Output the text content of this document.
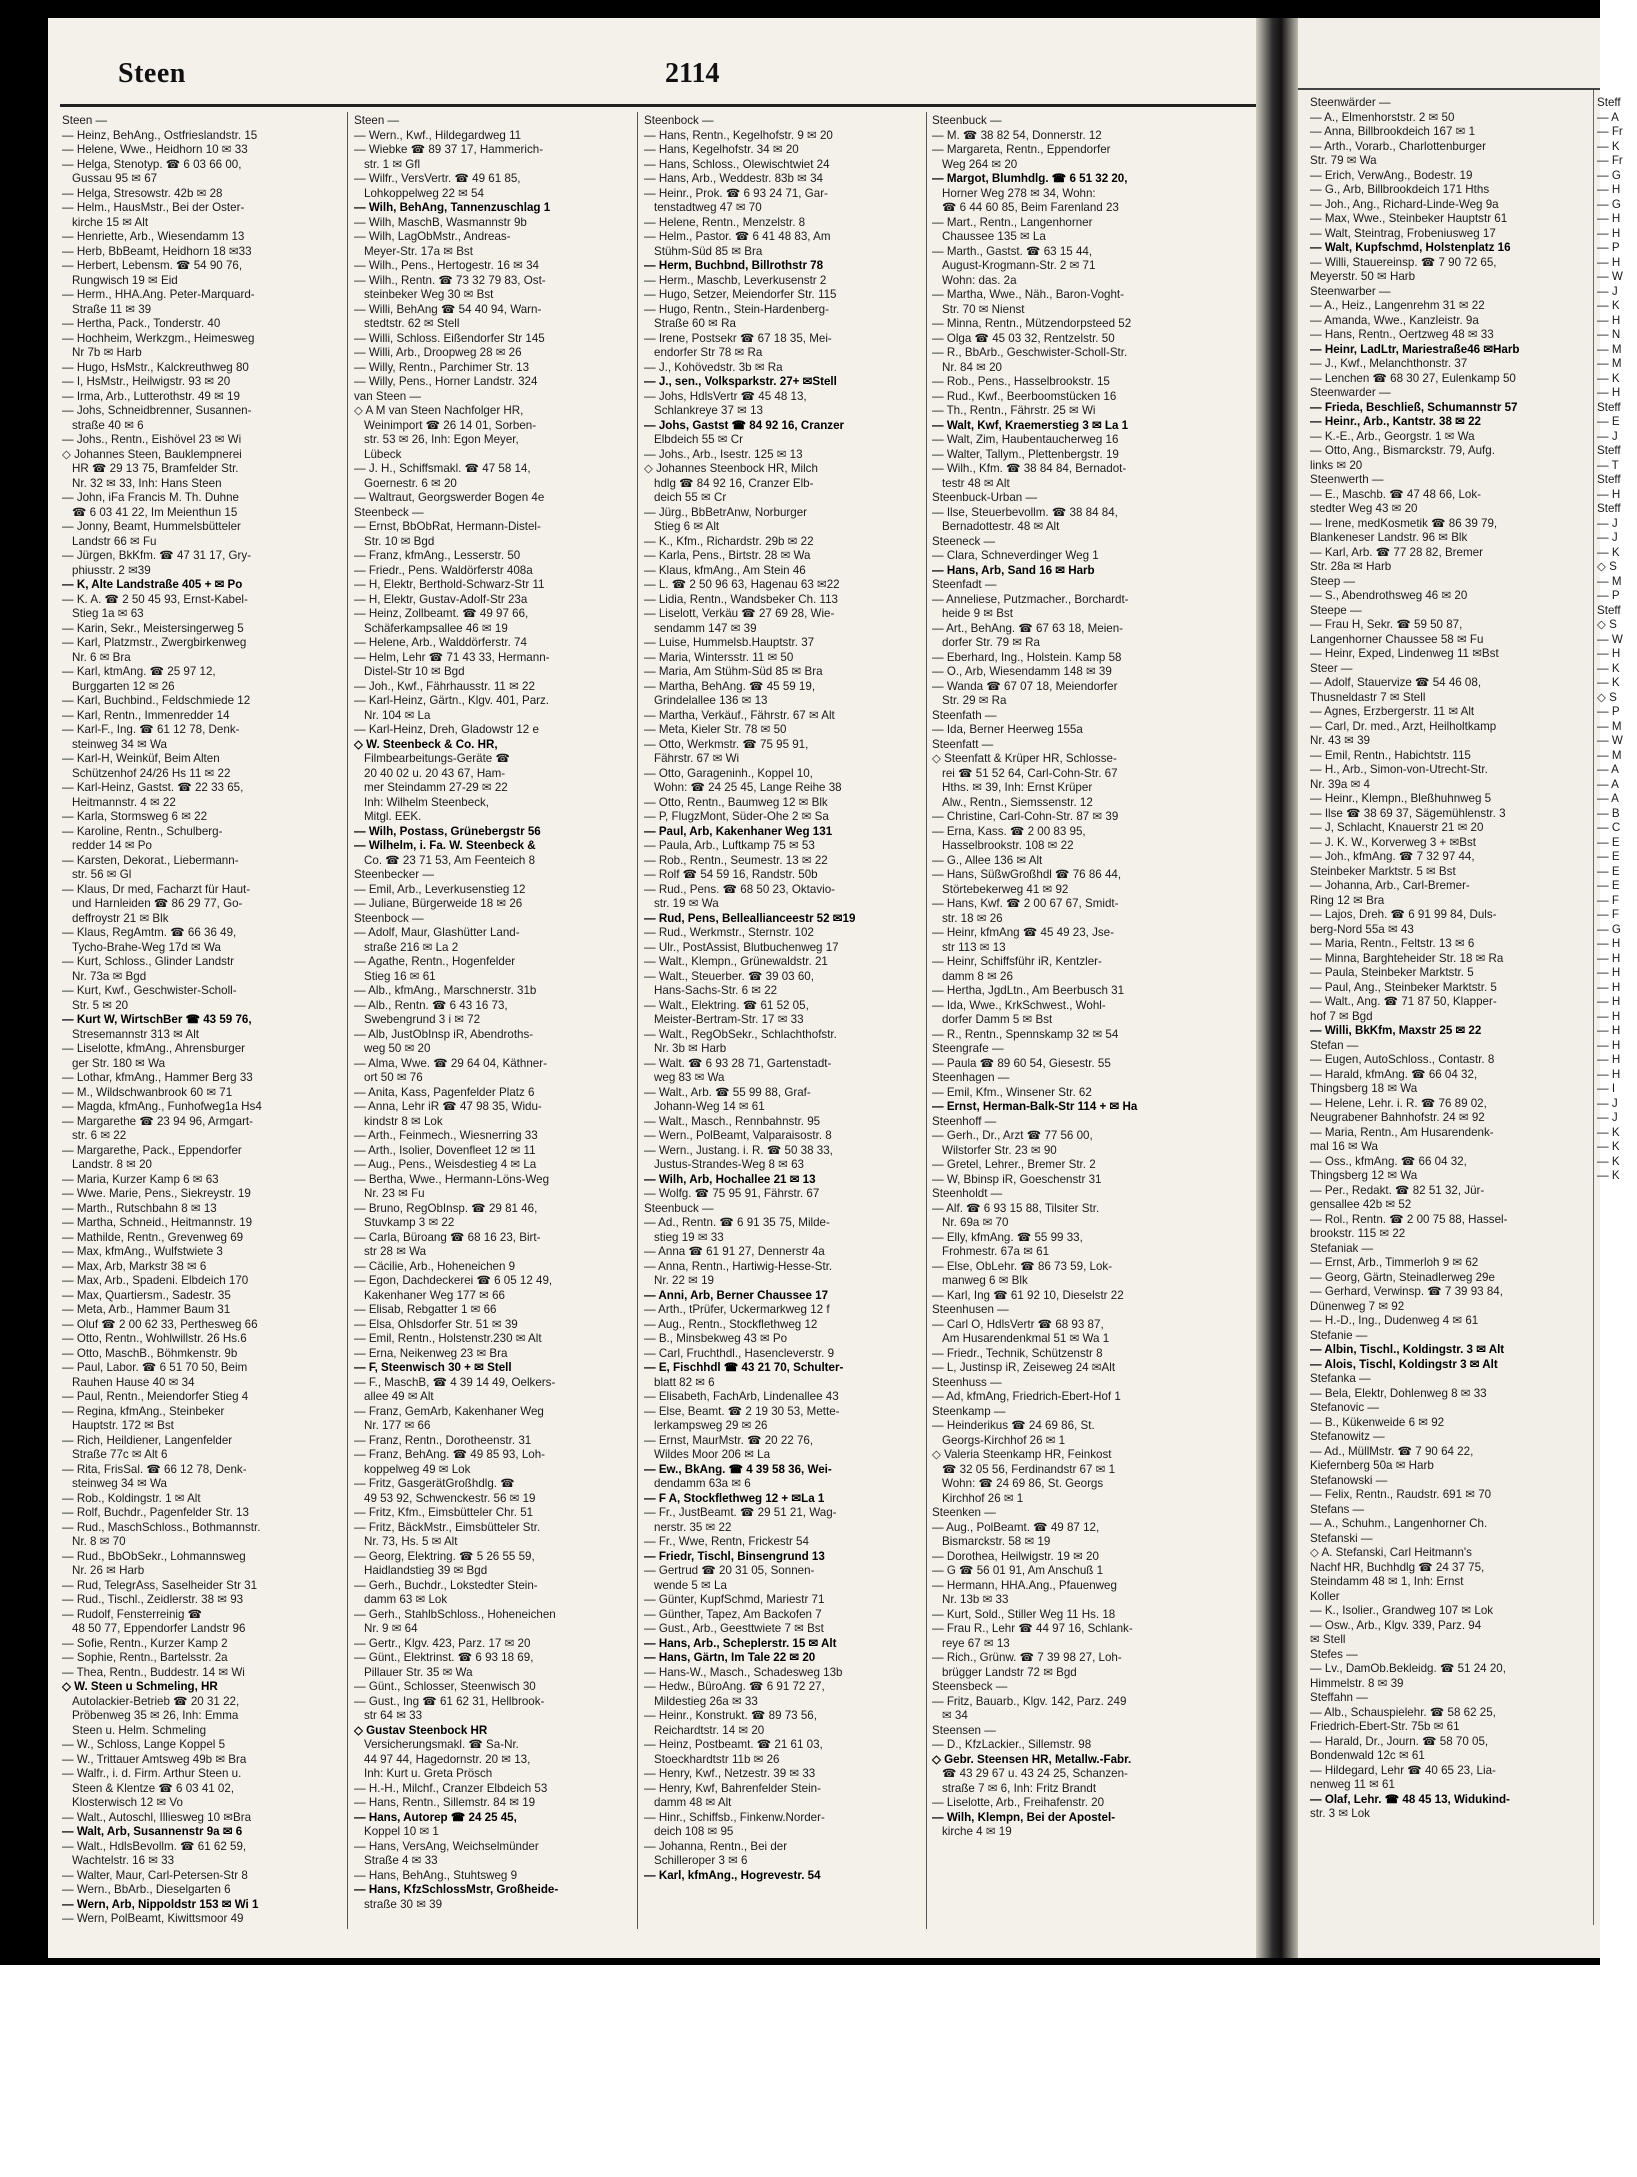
Steen	2114
Steen —
— Heinz, BehAng., Ostfrieslandstr. 15
— Helene, Wwe., Heidhorn 10 ✉ 33
— Helga, Stenotyp. ☎ 6 03 66 00,
Gussau 95 ✉ 67
— Helga, Stresowstr. 42b ✉ 28
— Helm., HausMstr., Bei der Oster-
kirche 15 ✉ Alt
— Henriette, Arb., Wiesendamm 13
— Herb, BbBeamt, Heidhorn 18 ✉33
— Herbert, Lebensm. ☎ 54 90 76,
Rungwisch 19 ✉ Eid
— Herm., HHA.Ang. Peter-Marquard-
Straße 11 ✉ 39
— Hertha, Pack., Tonderstr. 40
— Hochheim, Werkzgm., Heimesweg
Nr 7b ✉ Harb
— Hugo, HsMstr., Kalckreuthweg 80
— I, HsMstr., Heilwigstr. 93 ✉ 20
— Irma, Arb., Lutterothstr. 49 ✉ 19
— Johs, Schneidbrenner, Susannen-
straße 40 ✉ 6
— Johs., Rentn., Eishövel 23 ✉ Wi
◇ Johannes Steen, Bauklempnerei
HR ☎ 29 13 75, Bramfelder Str.
Nr. 32 ✉ 33, Inh: Hans Steen
— John, iFa Francis M. Th. Duhne
☎ 6 03 41 22, Im Meienthun 15
— Jonny, Beamt, Hummelsbütteler
Landstr 66 ✉ Fu
— Jürgen, BkKfm. ☎ 47 31 17, Gry-
phiusstr. 2 ✉39
— K, Alte Landstraße 405 + ✉ Po
— K. A. ☎ 2 50 45 93, Ernst-Kabel-
Stieg 1a ✉ 63
— Karin, Sekr., Meistersingerweg 5
— Karl, Platzmstr., Zwergbirkenweg
Nr. 6 ✉ Bra
— Karl, ktmAng. ☎ 25 97 12,
Burggarten 12 ✉ 26
— Karl, Buchbind., Feldschmiede 12
— Karl, Rentn., Immenredder 14
— Karl-F., Ing. ☎ 61 12 78, Denk-
steinweg 34 ✉ Wa
— Karl-H, Weinküf, Beim Alten
Schützenhof 24/26 Hs 11 ✉ 22
— Karl-Heinz, Gastst. ☎ 22 33 65,
Heitmannstr. 4 ✉ 22
— Karla, Stormsweg 6 ✉ 22
— Karoline, Rentn., Schulberg-
redder 14 ✉ Po
— Karsten, Dekorat., Liebermann-
str. 56 ✉ Gl
— Klaus, Dr med, Facharzt für Haut-
und Harnleiden ☎ 86 29 77, Go-
deffroystr 21 ✉ Blk
— Klaus, RegAmtm. ☎ 66 36 49,
Tycho-Brahe-Weg 17d ✉ Wa
— Kurt, Schloss., Glinder Landstr
Nr. 73a ✉ Bgd
— Kurt, Kwf., Geschwister-Scholl-
Str. 5 ✉ 20
— Kurt W, WirtschBer ☎ 43 59 76,
Stresemannstr 313 ✉ Alt
— Liselotte, kfmAng., Ahrensburger
ger Str. 180 ✉ Wa
— Lothar, kfmAng., Hammer Berg 33
— M., Wildschwanbrook 60 ✉ 71
— Magda, kfmAng., Funhofweg1a Hs4
— Margarethe ☎ 23 94 96, Armgart-
str. 6 ✉ 22
— Margarethe, Pack., Eppendorfer
Landstr. 8 ✉ 20
— Maria, Kurzer Kamp 6 ✉ 63
— Wwe. Marie, Pens., Siekreystr. 19
— Marth., Rutschbahn 8 ✉ 13
— Martha, Schneid., Heitmannstr. 19
— Mathilde, Rentn., Grevenweg 69
— Max, kfmAng., Wulfstwiete 3
— Max, Arb, Markstr 38 ✉ 6
— Max, Arb., Spadeni. Elbdeich 170
— Max, Quartiersm., Sadestr. 35
— Meta, Arb., Hammer Baum 31
— Oluf ☎ 2 00 62 33, Perthesweg 66
— Otto, Rentn., Wohlwillstr. 26 Hs.6
— Otto, MaschB., Böhmkenstr. 9b
— Paul, Labor. ☎ 6 51 70 50, Beim
Rauhen Hause 40 ✉ 34
— Paul, Rentn., Meiendorfer Stieg 4
— Regina, kfmAng., Steinbeker
Hauptstr. 172 ✉ Bst
— Rich, Heildiener, Langenfelder
Straße 77c ✉ Alt 6
— Rita, FrisSal. ☎ 66 12 78, Denk-
steinweg 34 ✉ Wa
— Rob., Koldingstr. 1 ✉ Alt
— Rolf, Buchdr., Pagenfelder Str. 13
— Rud., MaschSchloss., Bothmannstr.
Nr. 8 ✉ 70
— Rud., BbObSekr., Lohmannsweg
Nr. 26 ✉ Harb
— Rud, TelegrAss, Saselheider Str 31
— Rud., Tischl., Zeidlerstr. 38 ✉ 93
— Rudolf, Fensterreinig ☎
48 50 77, Eppendorfer Landstr 96
— Sofie, Rentn., Kurzer Kamp 2
— Sophie, Rentn., Bartelsstr. 2a
— Thea, Rentn., Buddestr. 14 ✉ Wi
◇ W. Steen u Schmeling, HR
Autolackier-Betrieb ☎ 20 31 22,
Pröbenweg 35 ✉ 26, Inh: Emma
Steen u. Helm. Schmeling
— W., Schloss, Lange Koppel 5
— W., Trittauer Amtsweg 49b ✉ Bra
— Walfr., i. d. Firm. Arthur Steen u.
Steen & Klentze ☎ 6 03 41 02,
Klosterwisch 12 ✉ Vo
— Walt., Autoschl, Illiesweg 10 ✉Bra
— Walt, Arb, Susannenstr 9a ✉ 6
— Walt., HdlsBevollm. ☎ 61 62 59,
Wachtelstr. 16 ✉ 33
— Walter, Maur, Carl-Petersen-Str 8
— Wern., BbArb., Dieselgarten 6
— Wern, Arb, Nippoldstr 153 ✉ Wi 1
— Wern, PolBeamt, Kiwittsmoor 49
Steen —
— Wern., Kwf., Hildegardweg 11
— Wiebke ☎ 89 37 17, Hammerich-
str. 1 ✉ Gfl
— Wilfr., VersVertr. ☎ 49 61 85,
Lohkoppelweg 22 ✉ 54
— Wilh, BehAng, Tannenzuschlag 1
— Wilh, MaschB, Wasmannstr 9b
— Wilh, LagObMstr., Andreas-
Meyer-Str. 17a ✉ Bst
— Wilh., Pens., Hertogestr. 16 ✉ 34
— Wilh., Rentn. ☎ 73 32 79 83, Ost-
steinbeker Weg 30 ✉ Bst
— Willi, BehAng ☎ 54 40 94, Warn-
stedtstr. 62 ✉ Stell
— Willi, Schloss. Eißendorfer Str 145
— Willi, Arb., Droopweg 28 ✉ 26
— Willy, Rentn., Parchimer Str. 13
— Willy, Pens., Horner Landstr. 324
van Steen —
◇ A M van Steen Nachfolger HR,
Weinimport ☎ 26 14 01, Sorben-
str. 53 ✉ 26, Inh: Egon Meyer,
Lübeck
— J. H., Schiffsmakl. ☎ 47 58 14,
Goernestr. 6 ✉ 20
— Waltraut, Georgswerder Bogen 4e
Steenbeck —
— Ernst, BbObRat, Hermann-Distel-
Str. 10 ✉ Bgd
— Franz, kfmAng., Lesserstr. 50
— Friedr., Pens. Waldörferstr 408a
— H, Elektr, Berthold-Schwarz-Str 11
— H, Elektr, Gustav-Adolf-Str 23a
— Heinz, Zollbeamt. ☎ 49 97 66,
Schäferkampsallee 46 ✉ 19
— Helene, Arb., Walddörferstr. 74
— Helm, Lehr ☎ 71 43 33, Hermann-
Distel-Str 10 ✉ Bgd
— Joh., Kwf., Fährhausstr. 11 ✉ 22
— Karl-Heinz, Gärtn., Klgv. 401, Parz.
Nr. 104 ✉ La
— Karl-Heinz, Dreh, Gladowstr 12 e
◇ W. Steenbeck & Co. HR,
Filmbearbeitungs-Geräte ☎
20 40 02 u. 20 43 67, Ham-
mer Steindamm 27-29 ✉ 22
Inh: Wilhelm Steenbeck,
Mitgl. EEK.
— Wilh, Postass, Grünebergstr 56
— Wilhelm, i. Fa. W. Steenbeck &
Co. ☎ 23 71 53, Am Feenteich 8
Steenbecker —
— Emil, Arb., Leverkusenstieg 12
— Juliane, Bürgerweide 18 ✉ 26
Steenbock —
— Adolf, Maur, Glashütter Land-
straße 216 ✉ La 2
— Agathe, Rentn., Hogenfelder
Stieg 16 ✉ 61
— Alb., kfmAng., Marschnerstr. 31b
— Alb., Rentn. ☎ 6 43 16 73,
Swebengrund 3 i ✉ 72
— Alb, JustObInsp iR, Abendroths-
weg 50 ✉ 20
— Alma, Wwe. ☎ 29 64 04, Käthner-
ort 50 ✉ 76
— Anita, Kass, Pagenfelder Platz 6
— Anna, Lehr iR ☎ 47 98 35, Widu-
kindstr 8 ✉ Lok
— Arth., Feinmech., Wiesnerring 33
— Arth., Isolier, Dovenfleet 12 ✉ 11
— Aug., Pens., Weisdestieg 4 ✉ La
— Bertha, Wwe., Hermann-Löns-Weg
Nr. 23 ✉ Fu
— Bruno, RegObInsp. ☎ 29 81 46,
Stuvkamp 3 ✉ 22
— Carla, Büroang ☎ 68 16 23, Birt-
str 28 ✉ Wa
— Cäcilie, Arb., Hoheneichen 9
— Egon, Dachdeckerei ☎ 6 05 12 49,
Kakenhaner Weg 177 ✉ 66
— Elisab, Rebgatter 1 ✉ 66
— Elsa, Ohlsdorfer Str. 51 ✉ 39
— Emil, Rentn., Holstenstr.230 ✉ Alt
— Erna, Neikenweg 23 ✉ Bra
— F, Steenwisch 30 + ✉ Stell
— F., MaschB, ☎ 4 39 14 49, Oelkers-
allee 49 ✉ Alt
— Franz, GemArb, Kakenhaner Weg
Nr. 177 ✉ 66
— Franz, Rentn., Dorotheenstr. 31
— Franz, BehAng. ☎ 49 85 93, Loh-
koppelweg 49 ✉ Lok
— Fritz, GasgerätGroßhdlg. ☎
49 53 92, Schwenckestr. 56 ✉ 19
— Fritz, Kfm., Eimsbütteler Chr. 51
— Fritz, BäckMstr., Eimsbütteler Str.
Nr. 73, Hs. 5 ✉ Alt
— Georg, Elektring. ☎ 5 26 55 59,
Haidlandstieg 39 ✉ Bgd
— Gerh., Buchdr., Lokstedter Stein-
damm 63 ✉ Lok
— Gerh., StahlbSchloss., Hoheneichen
Nr. 9 ✉ 64
— Gertr., Klgv. 423, Parz. 17 ✉ 20
— Günt., Elektrinst. ☎ 6 93 18 69,
Pillauer Str. 35 ✉ Wa
— Günt., Schlosser, Steenwisch 30
— Gust., Ing ☎ 61 62 31, Hellbrook-
str 64 ✉ 33
◇ Gustav Steenbock HR
Versicherungsmakl. ☎ Sa-Nr.
44 97 44, Hagedornstr. 20 ✉ 13,
Inh: Kurt u. Greta Prösch
— H.-H., Milchf., Cranzer Elbdeich 53
— Hans, Rentn., Sillemstr. 84 ✉ 19
— Hans, Autorep ☎ 24 25 45,
Koppel 10 ✉ 1
— Hans, VersAng, Weichselmünder
Straße 4 ✉ 33
— Hans, BehAng., Stuhtsweg 9
— Hans, KfzSchlossMstr, Großheide-
straße 30 ✉ 39
Steenbock —
— Hans, Rentn., Kegelhofstr. 9 ✉ 20
— Hans, Kegelhofstr. 34 ✉ 20
— Hans, Schloss., Olewischtwiet 24
— Hans, Arb., Weddestr. 83b ✉ 34
— Heinr., Prok. ☎ 6 93 24 71, Gar-
tenstadtweg 47 ✉ 70
— Helene, Rentn., Menzelstr. 8
— Helm., Pastor. ☎ 6 41 48 83, Am
Stühm-Süd 85 ✉ Bra
— Herm, Buchbnd, Billrothstr 78
— Herm., Maschb, Leverkusenstr 2
— Hugo, Setzer, Meiendorfer Str. 115
— Hugo, Rentn., Stein-Hardenberg-
Straße 60 ✉ Ra
— Irene, Postsekr ☎ 67 18 35, Mei-
endorfer Str 78 ✉ Ra
— J., Kohövedstr. 3b ✉ Ra
— J., sen., Volksparkstr. 27+ ✉Stell
— Johs, HdlsVertr ☎ 45 48 13,
Schlankreye 37 ✉ 13
— Johs, Gastst ☎ 84 92 16, Cranzer
Elbdeich 55 ✉ Cr
— Johs., Arb., Isestr. 125 ✉ 13
◇ Johannes Steenbock HR, Milch
hdlg ☎ 84 92 16, Cranzer Elb-
deich 55 ✉ Cr
— Jürg., BbBetrAnw, Norburger
Stieg 6 ✉ Alt
— K., Kfm., Richardstr. 29b ✉ 22
— Karla, Pens., Birtstr. 28 ✉ Wa
— Klaus, kfmAng., Am Stein 46
— L. ☎ 2 50 96 63, Hagenau 63 ✉22
— Lidia, Rentn., Wandsbeker Ch. 113
— Liselott, Verkäu ☎ 27 69 28, Wie-
sendamm 147 ✉ 39
— Luise, Hummelsb.Hauptstr. 37
— Maria, Wintersstr. 11 ✉ 50
— Maria, Am Stühm-Süd 85 ✉ Bra
— Martha, BehAng. ☎ 45 59 19,
Grindelallee 136 ✉ 13
— Martha, Verkäuf., Fährstr. 67 ✉ Alt
— Meta, Kieler Str. 78 ✉ 50
— Otto, Werkmstr. ☎ 75 95 91,
Fährstr. 67 ✉ Wi
— Otto, Garageninh., Koppel 10,
Wohn: ☎ 24 25 45, Lange Reihe 38
— Otto, Rentn., Baumweg 12 ✉ Blk
— P, FlugzMont, Süder-Ohe 2 ✉ Sa
— Paul, Arb, Kakenhaner Weg 131
— Paula, Arb., Luftkamp 75 ✉ 53
— Rob., Rentn., Seumestr. 13 ✉ 22
— Rolf ☎ 54 59 16, Randstr. 50b
— Rud., Pens. ☎ 68 50 23, Oktavio-
str. 19 ✉ Wa
— Rud, Pens, Belleallianceestr 52 ✉19
— Rud., Werkmstr., Sternstr. 102
— Ulr., PostAssist, Blutbuchenweg 17
— Walt., Klempn., Grünewaldstr. 21
— Walt., Steuerber. ☎ 39 03 60,
Hans-Sachs-Str. 6 ✉ 22
— Walt., Elektring. ☎ 61 52 05,
Meister-Bertram-Str. 17 ✉ 33
— Walt., RegObSekr., Schlachthofstr.
Nr. 3b ✉ Harb
— Walt. ☎ 6 93 28 71, Gartenstadt-
weg 83 ✉ Wa
— Walt., Arb. ☎ 55 99 88, Graf-
Johann-Weg 14 ✉ 61
— Walt., Masch., Rennbahnstr. 95
— Wern., PolBeamt, Valparaisostr. 8
— Wern., Justang. i. R. ☎ 50 38 33,
Justus-Strandes-Weg 8 ✉ 63
— Wilh, Arb, Hochallee 21 ✉ 13
— Wolfg. ☎ 75 95 91, Fährstr. 67
Steenbuck —
— Ad., Rentn. ☎ 6 91 35 75, Milde-
stieg 19 ✉ 33
— Anna ☎ 61 91 27, Dennerstr 4a
— Anna, Rentn., Hartiwig-Hesse-Str.
Nr. 22 ✉ 19
— Anni, Arb, Berner Chaussee 17
— Arth., tPrüfer, Uckermarkweg 12 f
— Aug., Rentn., Stockflethweg 12
— B., Minsbekweg 43 ✉ Po
— Carl, Fruchthdl., Hasencleverstr. 9
— E, Fischhdl ☎ 43 21 70, Schulter-
blatt 82 ✉ 6
— Elisabeth, FachArb, Lindenallee 43
— Else, Beamt. ☎ 2 19 30 53, Mette-
lerkampsweg 29 ✉ 26
— Ernst, MaurMstr. ☎ 20 22 76,
Wildes Moor 206 ✉ La
— Ew., BkAng. ☎ 4 39 58 36, Wei-
dendamm 63a ✉ 6
— F A, Stockflethweg 12 + ✉La 1
— Fr., JustBeamt. ☎ 29 51 21, Wag-
nerstr. 35 ✉ 22
— Fr., Wwe, Rentn, Frickestr 54
— Friedr, Tischl, Binsengrund 13
— Gertrud ☎ 20 31 05, Sonnen-
wende 5 ✉ La
— Günter, KupfSchmd, Mariestr 71
— Günther, Tapez, Am Backofen 7
— Gust., Arb., Geesttwiete 7 ✉ Bst
— Hans, Arb., Scheplerstr. 15 ✉ Alt
— Hans, Gärtn, Im Tale 22 ✉ 20
— Hans-W., Masch., Schadesweg 13b
— Hedw., BüroAng. ☎ 6 91 72 27,
Mildestieg 26a ✉ 33
— Heinr., Konstrukt. ☎ 89 73 56,
Reichardtstr. 14 ✉ 20
— Heinz, Postbeamt. ☎ 21 61 03,
Stoeckhardtstr 11b ✉ 26
— Henry, Kwf., Netzestr. 39 ✉ 33
— Henry, Kwf, Bahrenfelder Stein-
damm 48 ✉ Alt
— Hinr., Schiffsb., Finkenw.Norder-
deich 108 ✉ 95
— Johanna, Rentn., Bei der
Schilleroper 3 ✉ 6
— Karl, kfmAng., Hogrevestr. 54
Steenbuck —
— M. ☎ 38 82 54, Donnerstr. 12
— Margareta, Rentn., Eppendorfer
Weg 264 ✉ 20
— Margot, Blumhdlg. ☎ 6 51 32 20,
Horner Weg 278 ✉ 34, Wohn:
☎ 6 44 60 85, Beim Farenland 23
— Mart., Rentn., Langenhorner
Chaussee 135 ✉ La
— Marth., Gastst. ☎ 63 15 44,
August-Krogmann-Str. 2 ✉ 71
Wohn: das. 2a
— Martha, Wwe., Näh., Baron-Voght-
Str. 70 ✉ Nienst
— Minna, Rentn., Mützendorpsteed 52
— Olga ☎ 45 03 32, Rentzelstr. 50
— R., BbArb., Geschwister-Scholl-Str.
Nr. 84 ✉ 20
— Rob., Pens., Hasselbrookstr. 15
— Rud., Kwf., Beerboomstücken 16
— Th., Rentn., Fährstr. 25 ✉ Wi
— Walt, Kwf, Kraemerstieg 3 ✉ La 1
— Walt, Zim, Haubentaucherweg 16
— Walter, Tallym., Plettenbergstr. 19
— Wilh., Kfm. ☎ 38 84 84, Bernadot-
testr 48 ✉ Alt
Steenbuck-Urban —
— Ilse, Steuerbevollm. ☎ 38 84 84,
Bernadottestr. 48 ✉ Alt
Steeneck —
— Clara, Schneverdinger Weg 1
— Hans, Arb, Sand 16 ✉ Harb
Steenfadt —
— Anneliese, Putzmacher., Borchardt-
heide 9 ✉ Bst
— Art., BehAng. ☎ 67 63 18, Meien-
dorfer Str. 79 ✉ Ra
— Eberhard, Ing., Holstein. Kamp 58
— O., Arb, Wiesendamm 148 ✉ 39
— Wanda ☎ 67 07 18, Meiendorfer
Str. 29 ✉ Ra
Steenfath —
— Ida, Berner Heerweg 155a
Steenfatt —
◇ Steenfatt & Krüper HR, Schlosse-
rei ☎ 51 52 64, Carl-Cohn-Str. 67
Hths. ✉ 39, Inh: Ernst Krüper
Alw., Rentn., Siemssenstr. 12
— Christine, Carl-Cohn-Str. 87 ✉ 39
— Erna, Kass. ☎ 2 00 83 95,
Hasselbrookstr. 108 ✉ 22
— G., Allee 136 ✉ Alt
— Hans, SüßwGroßhdl ☎ 76 86 44,
Störtebekerweg 41 ✉ 92
— Hans, Kwf. ☎ 2 00 67 67, Smidt-
str. 18 ✉ 26
— Heinr, kfmAng ☎ 45 49 23, Jse-
str 113 ✉ 13
— Heinr, Schiffsführ iR, Kentzler-
damm 8 ✉ 26
— Hertha, JgdLtn., Am Beerbusch 31
— Ida, Wwe., KrkSchwest., Wohl-
dorfer Damm 5 ✉ Bst
— R., Rentn., Spennskamp 32 ✉ 54
Steengrafe —
— Paula ☎ 89 60 54, Giesestr. 55
Steenhagen —
— Emil, Kfm., Winsener Str. 62
— Ernst, Herman-Balk-Str 114 + ✉ Ha
Steenhoff —
— Gerh., Dr., Arzt ☎ 77 56 00,
Wilstorfer Str. 23 ✉ 90
— Gretel, Lehrer., Bremer Str. 2
— W, Bbinsp iR, Goeschenstr 31
Steenholdt —
— Alf. ☎ 6 93 15 88, Tilsiter Str.
Nr. 69a ✉ 70
— Elly, kfmAng. ☎ 55 99 33,
Frohmestr. 67a ✉ 61
— Else, ObLehr. ☎ 86 73 59, Lok-
manweg 6 ✉ Blk
— Karl, Ing ☎ 61 92 10, Dieselstr 22
Steenhusen —
— Carl O, HdlsVertr ☎ 68 93 87,
Am Husarendenkmal 51 ✉ Wa 1
— Friedr., Technik, Schützenstr 8
— L, Justinsp iR, Zeiseweg 24 ✉Alt
Steenhuss —
— Ad, kfmAng, Friedrich-Ebert-Hof 1
Steenkamp —
— Heinderikus ☎ 24 69 86, St.
Georgs-Kirchhof 26 ✉ 1
◇ Valeria Steenkamp HR, Feinkost
☎ 32 05 56, Ferdinandstr 67 ✉ 1
Wohn: ☎ 24 69 86, St. Georgs
Kirchhof 26 ✉ 1
Steenken —
— Aug., PolBeamt. ☎ 49 87 12,
Bismarckstr. 58 ✉ 19
— Dorothea, Heilwigstr. 19 ✉ 20
— G ☎ 56 01 91, Am Anschuß 1
— Hermann, HHA.Ang., Pfauenweg
Nr. 13b ✉ 33
— Kurt, Sold., Stiller Weg 11 Hs. 18
— Frau R., Lehr ☎ 44 97 16, Schlank-
reye 67 ✉ 13
— Rich., Grünw. ☎ 7 39 98 27, Loh-
brügger Landstr 72 ✉ Bgd
Steensbeck —
— Fritz, Bauarb., Klgv. 142, Parz. 249
✉ 34
Steensen —
— D., KfzLackier., Sillemstr. 98
◇ Gebr. Steensen HR, Metallw.-Fabr.
☎ 43 29 67 u. 43 24 25, Schanzen-
straße 7 ✉ 6, Inh: Fritz Brandt
— Liselotte, Arb., Freihafenstr. 20
— Wilh, Klempn, Bei der Apostel-
kirche 4 ✉ 19
Steenwärder —
— A., Elmenhorststr. 2 ✉ 50
— Anna, Billbrookdeich 167 ✉ 1
— Arth., Vorarb., Charlottenburger
Str. 79 ✉ Wa
— Erich, VerwAng., Bodestr. 19
— G., Arb, Billbrookdeich 171 Hths
— Joh., Ang., Richard-Linde-Weg 9a
— Max, Wwe., Steinbeker Hauptstr 61
— Walt, Steintrag, Frobeniusweg 17
— Walt, Kupfschmd, Holstenplatz 16
— Willi, Stauereinsp. ☎ 7 90 72 65,
Meyerstr. 50 ✉ Harb
Steenwarber —
— A., Heiz., Langenrehm 31 ✉ 22
— Amanda, Wwe., Kanzleistr. 9a
— Hans, Rentn., Oertzweg 48 ✉ 33
— Heinr, LadLtr, Mariestraße46 ✉Harb
— J., Kwf., Melanchthonstr. 37
— Lenchen ☎ 68 30 27, Eulenkamp 50
Steenwarder —
— Frieda, Beschließ, Schumannstr 57
— Heinr., Arb., Kantstr. 38 ✉ 22
— K.-E., Arb., Georgstr. 1 ✉ Wa
— Otto, Ang., Bismarckstr. 79, Aufg.
links ✉ 20
Steenwerth —
— E., Maschb. ☎ 47 48 66, Lok-
stedter Weg 43 ✉ 20
— Irene, medKosmetik ☎ 86 39 79,
Blankeneser Landstr. 96 ✉ Blk
— Karl, Arb. ☎ 77 28 82, Bremer
Str. 28a ✉ Harb
Steep —
— S., Abendrothsweg 46 ✉ 20
Steepe —
— Frau H, Sekr. ☎ 59 50 87,
Langenhorner Chaussee 58 ✉ Fu
— Heinr, Exped, Lindenweg 11 ✉Bst
Steer —
— Adolf, Stauervize ☎ 54 46 08,
Thusneldastr 7 ✉ Stell
— Agnes, Erzbergerstr. 11 ✉ Alt
— Carl, Dr. med., Arzt, Heilholtkamp
Nr. 43 ✉ 39
— Emil, Rentn., Habichtstr. 115
— H., Arb., Simon-von-Utrecht-Str.
Nr. 39a ✉ 4
— Heinr., Klempn., Bleßhuhnweg 5
— Ilse ☎ 38 69 37, Sägemühlenstr. 3
— J, Schlacht, Knauerstr 21 ✉ 20
— J. K. W., Korverweg 3 + ✉Bst
— Joh., kfmAng. ☎ 7 32 97 44,
Steinbeker Marktstr. 5 ✉ Bst
— Johanna, Arb., Carl-Bremer-
Ring 12 ✉ Bra
— Lajos, Dreh. ☎ 6 91 99 84, Duls-
berg-Nord 55a ✉ 43
— Maria, Rentn., Feltstr. 13 ✉ 6
— Minna, Barghteheider Str. 18 ✉ Ra
— Paula, Steinbeker Marktstr. 5
— Paul, Ang., Steinbeker Marktstr. 5
— Walt., Ang. ☎ 71 87 50, Klapper-
hof 7 ✉ Bgd
— Willi, BkKfm, Maxstr 25 ✉ 22
Stefan —
— Eugen, AutoSchloss., Contastr. 8
— Harald, kfmAng. ☎ 66 04 32,
Thingsberg 18 ✉ Wa
— Helene, Lehr. i. R. ☎ 76 89 02,
Neugrabener Bahnhofstr. 24 ✉ 92
— Maria, Rentn., Am Husarendenk-
mal 16 ✉ Wa
— Oss., kfmAng. ☎ 66 04 32,
Thingsberg 12 ✉ Wa
— Per., Redakt. ☎ 82 51 32, Jür-
gensallee 42b ✉ 52
— Rol., Rentn. ☎ 2 00 75 88, Hassel-
brookstr. 115 ✉ 22
Stefaniak —
— Ernst, Arb., Timmerloh 9 ✉ 62
— Georg, Gärtn, Steinadlerweg 29e
— Gerhard, Verwinsp. ☎ 7 39 93 84,
Dünenweg 7 ✉ 92
— H.-D., Ing., Dudenweg 4 ✉ 61
Stefanie —
— Albin, Tischl., Koldingstr. 3 ✉ Alt
— Alois, Tischl, Koldingstr 3 ✉ Alt
Stefanka —
— Bela, Elektr, Dohlenweg 8 ✉ 33
Stefanovic —
— B., Kükenweide 6 ✉ 92
Stefanowitz —
— Ad., MüllMstr. ☎ 7 90 64 22,
Kiefernberg 50a ✉ Harb
Stefanowski —
— Felix, Rentn., Raudstr. 691 ✉ 70
Stefans —
— A., Schuhm., Langenhorner Ch.
Stefanski —
◇ A. Stefanski, Carl Heitmann's
Nachf HR, Buchhdlg ☎ 24 37 75,
Steindamm 48 ✉ 1, Inh: Ernst
Koller
— K., Isolier., Grandweg 107 ✉ Lok
— Osw., Arb., Klgv. 339, Parz. 94
✉ Stell
Stefes —
— Lv., DamOb.Bekleidg. ☎ 51 24 20,
Himmelstr. 8 ✉ 39
Steffahn —
— Alb., Schauspielehr. ☎ 58 62 25,
Friedrich-Ebert-Str. 75b ✉ 61
— Harald, Dr., Journ. ☎ 58 70 05,
Bondenwald 12c ✉ 61
— Hildegard, Lehr ☎ 40 65 23, Lia-
nenweg 11 ✉ 61
— Olaf, Lehr. ☎ 48 45 13, Widukind-
str. 3 ✉ Lok
Steff
— A
— Fr
— K
— Fr
— G
— H
— G
— H
— H
— P
— H
— W
— J
— K
— H
— N
— M
— M
— K
— H
Steff
— E
— J
Steff
— T
Steff
— H
Steff
— J
— J
— K
◇ S
— M
— P
Steff
◇ S
— W
— H
— K
— K
◇ S
— P
— M
— W
— M
— A
— A
— A
— B
— C
— E
— E
— E
— E
— F
— F
— G
— H
— H
— H
— H
— H
— H
— H
— H
— H
— H
— I
— J
— J
— K
— K
— K
— K
